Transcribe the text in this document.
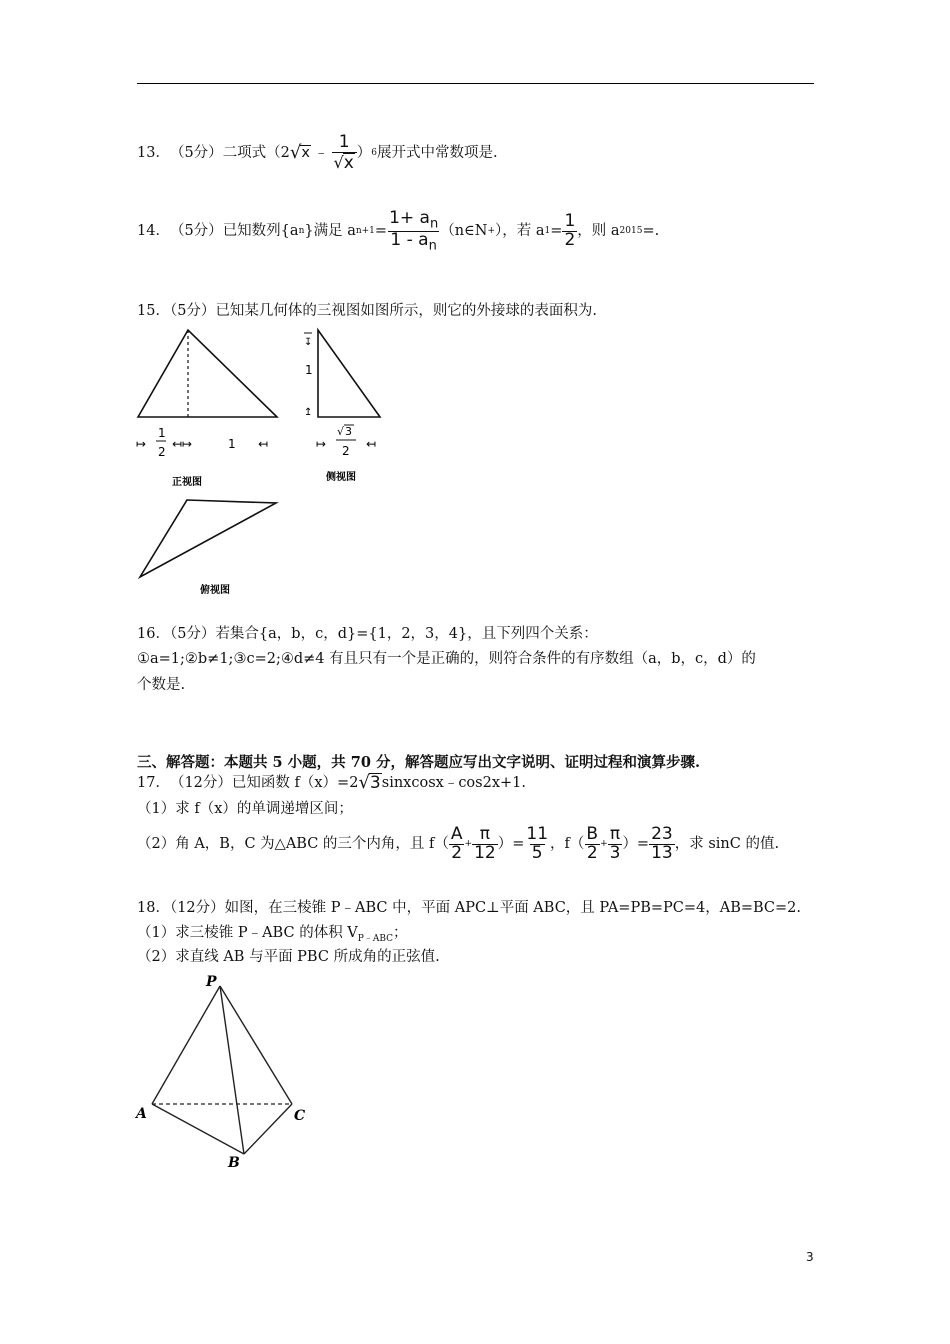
13． （5分） 二项式（2 √ x ﹣ $\frac{1}{√x}$ ） 6 展开式中常数项是.
14． （5分） 已知数列{a n }满足 a $n+1 = \frac{1+ a_n}{1 - a_n}$ （n∈N + ），若 a $1 = \frac{1}{2}$ ，则 a 2015 =.
15．（5分）已知某几何体的三视图如图所示，则它的外接球的表面积为.
↦
1
2
↤↦	1 ↤
正视图
↧
1
↥
↦
√ 3
2 ↤
侧视图
俯视图
16．（5分）若集合{a，b，c，d}={1，2，3，4}，且下列四个关系：
①a=1;②b≠1;③c=2;④d≠4 有且只有一个是正确的，则符合条件的有序数组（a，b，c，d）的
个数是.
三、解答题：本题共 5 小题，共 70 分，解答题应写出文字说明、证明过程和演算步骤.
17． （12分） 已知函数 f（x）=2 √ 3 sinxcosx﹣cos2x+1.
（1）求 f（x）的单调递增区间；
（2）角 A，B，C 为△ABC 的三个内角，且 $f( \frac{A}{2} + \frac{\pi}{12}$ ）= $\frac{11}{5}$ ，$f( \frac{B}{2} + \frac{\pi}{3}$ ）= $\frac{23}{13}$ ，求 sinC 的值.
18．（12分）如图，在三棱锥 P﹣ABC 中，平面 APC⊥平面 ABC，且 PA=PB=PC=4，AB=BC=2.
（1）求三棱锥 P﹣ABC 的体积 $V_{P﹣ABC}$；
（2）求直线 AB 与平面 PBC 所成角的正弦值.
P
A
B
C
3
